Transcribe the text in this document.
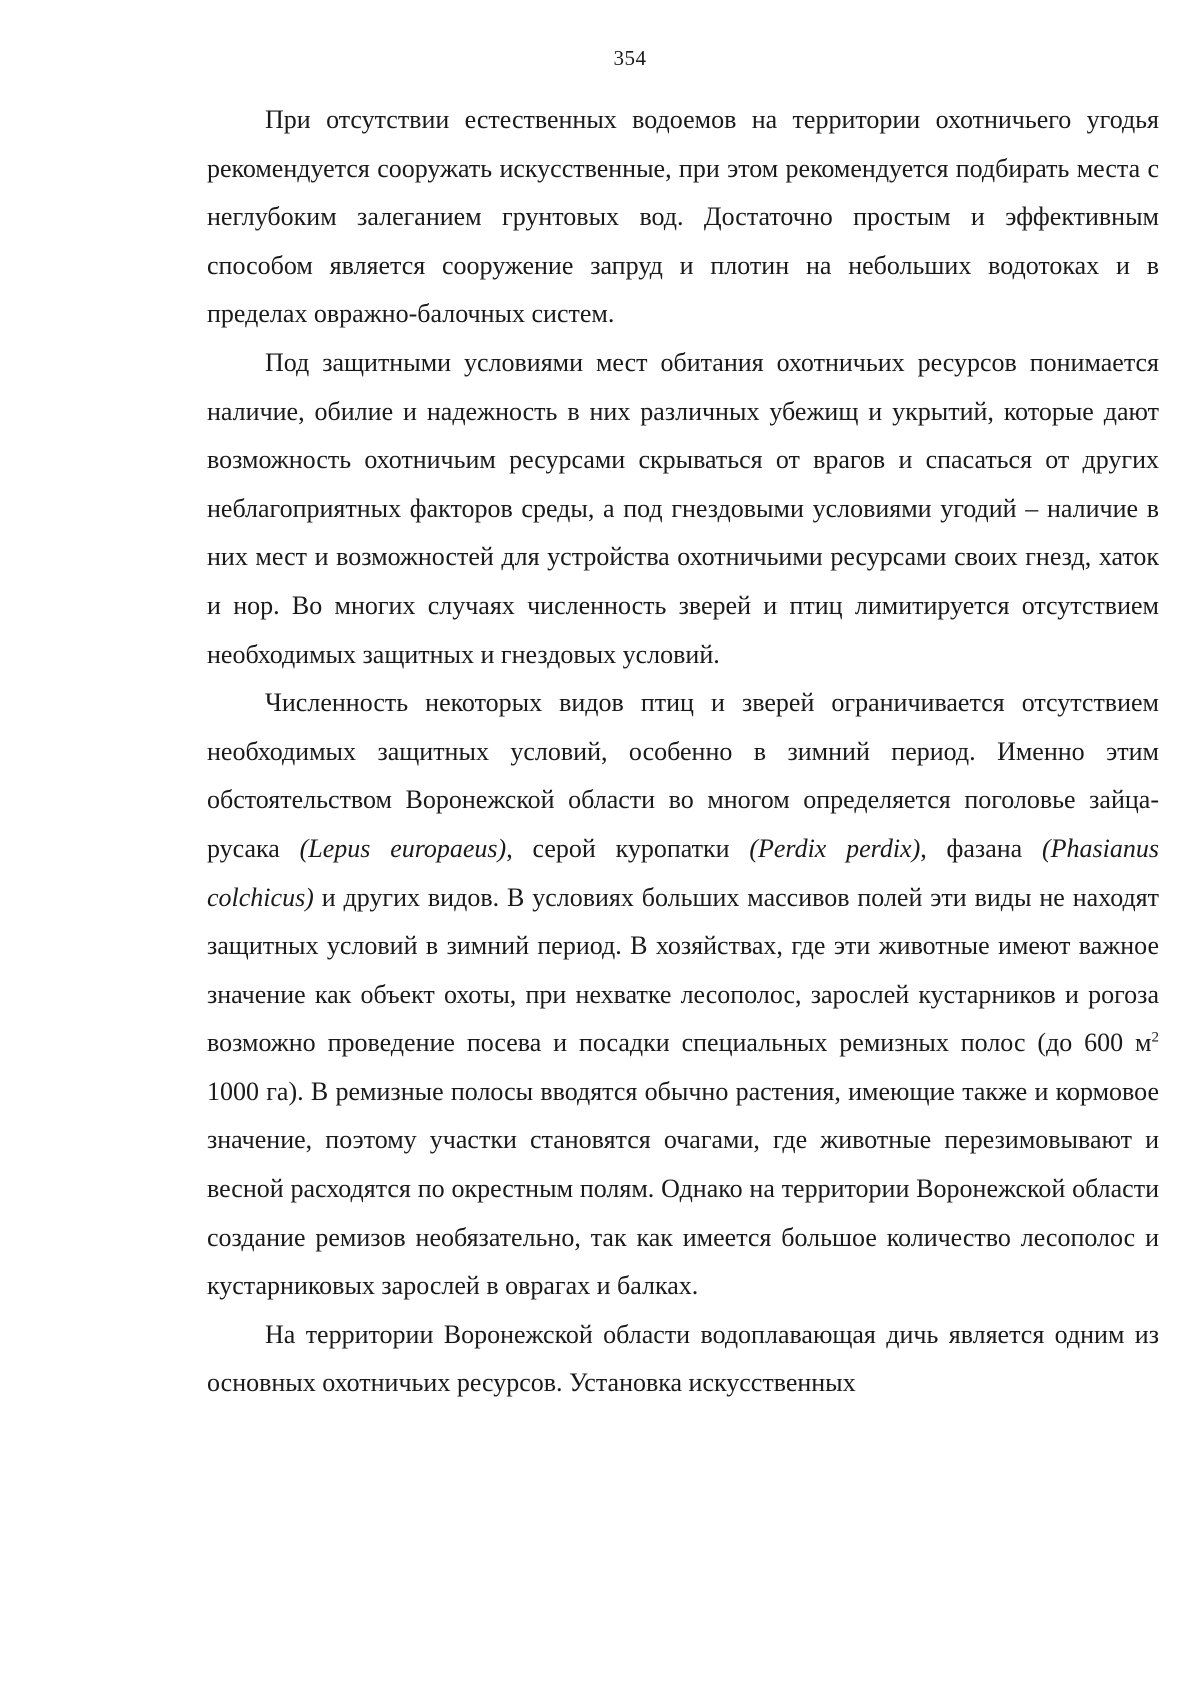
354

При отсутствии естественных водоемов на территории охотничьего угодья рекомендуется сооружать искусственные, при этом рекомендуется подбирать места с неглубоким залеганием грунтовых вод. Достаточно простым и эффективным способом является сооружение запруд и плотин на небольших водотоках и в пределах овражно-балочных систем.

Под защитными условиями мест обитания охотничьих ресурсов понимается наличие, обилие и надежность в них различных убежищ и укрытий, которые дают возможность охотничьим ресурсами скрываться от врагов и спасаться от других неблагоприятных факторов среды, а под гнездовыми условиями угодий – наличие в них мест и возможностей для устройства охотничьими ресурсами своих гнезд, хаток и нор. Во многих случаях численность зверей и птиц лимитируется отсутствием необходимых защитных и гнездовых условий.

Численность некоторых видов птиц и зверей ограничивается отсутствием необходимых защитных условий, особенно в зимний период. Именно этим обстоятельством Воронежской области во многом определяется поголовье зайца-русака (Lepus europaeus), серой куропатки (Perdix perdix), фазана (Phasianus colchicus) и других видов. В условиях больших массивов полей эти виды не находят защитных условий в зимний период. В хозяйствах, где эти животные имеют важное значение как объект охоты, при нехватке лесополос, зарослей кустарников и рогоза возможно проведение посева и посадки специальных ремизных полос (до 600 $м^2$ 1000 га). В ремизные полосы вводятся обычно растения, имеющие также и кормовое значение, поэтому участки становятся очагами, где животные перезимовывают и весной расходятся по окрестным полям. Однако на территории Воронежской области создание ремизов необязательно, так как имеется большое количество лесополос и кустарниковых зарослей в оврагах и балках.

На территории Воронежской области водоплавающая дичь является одним из основных охотничьих ресурсов. Установка искусственных
